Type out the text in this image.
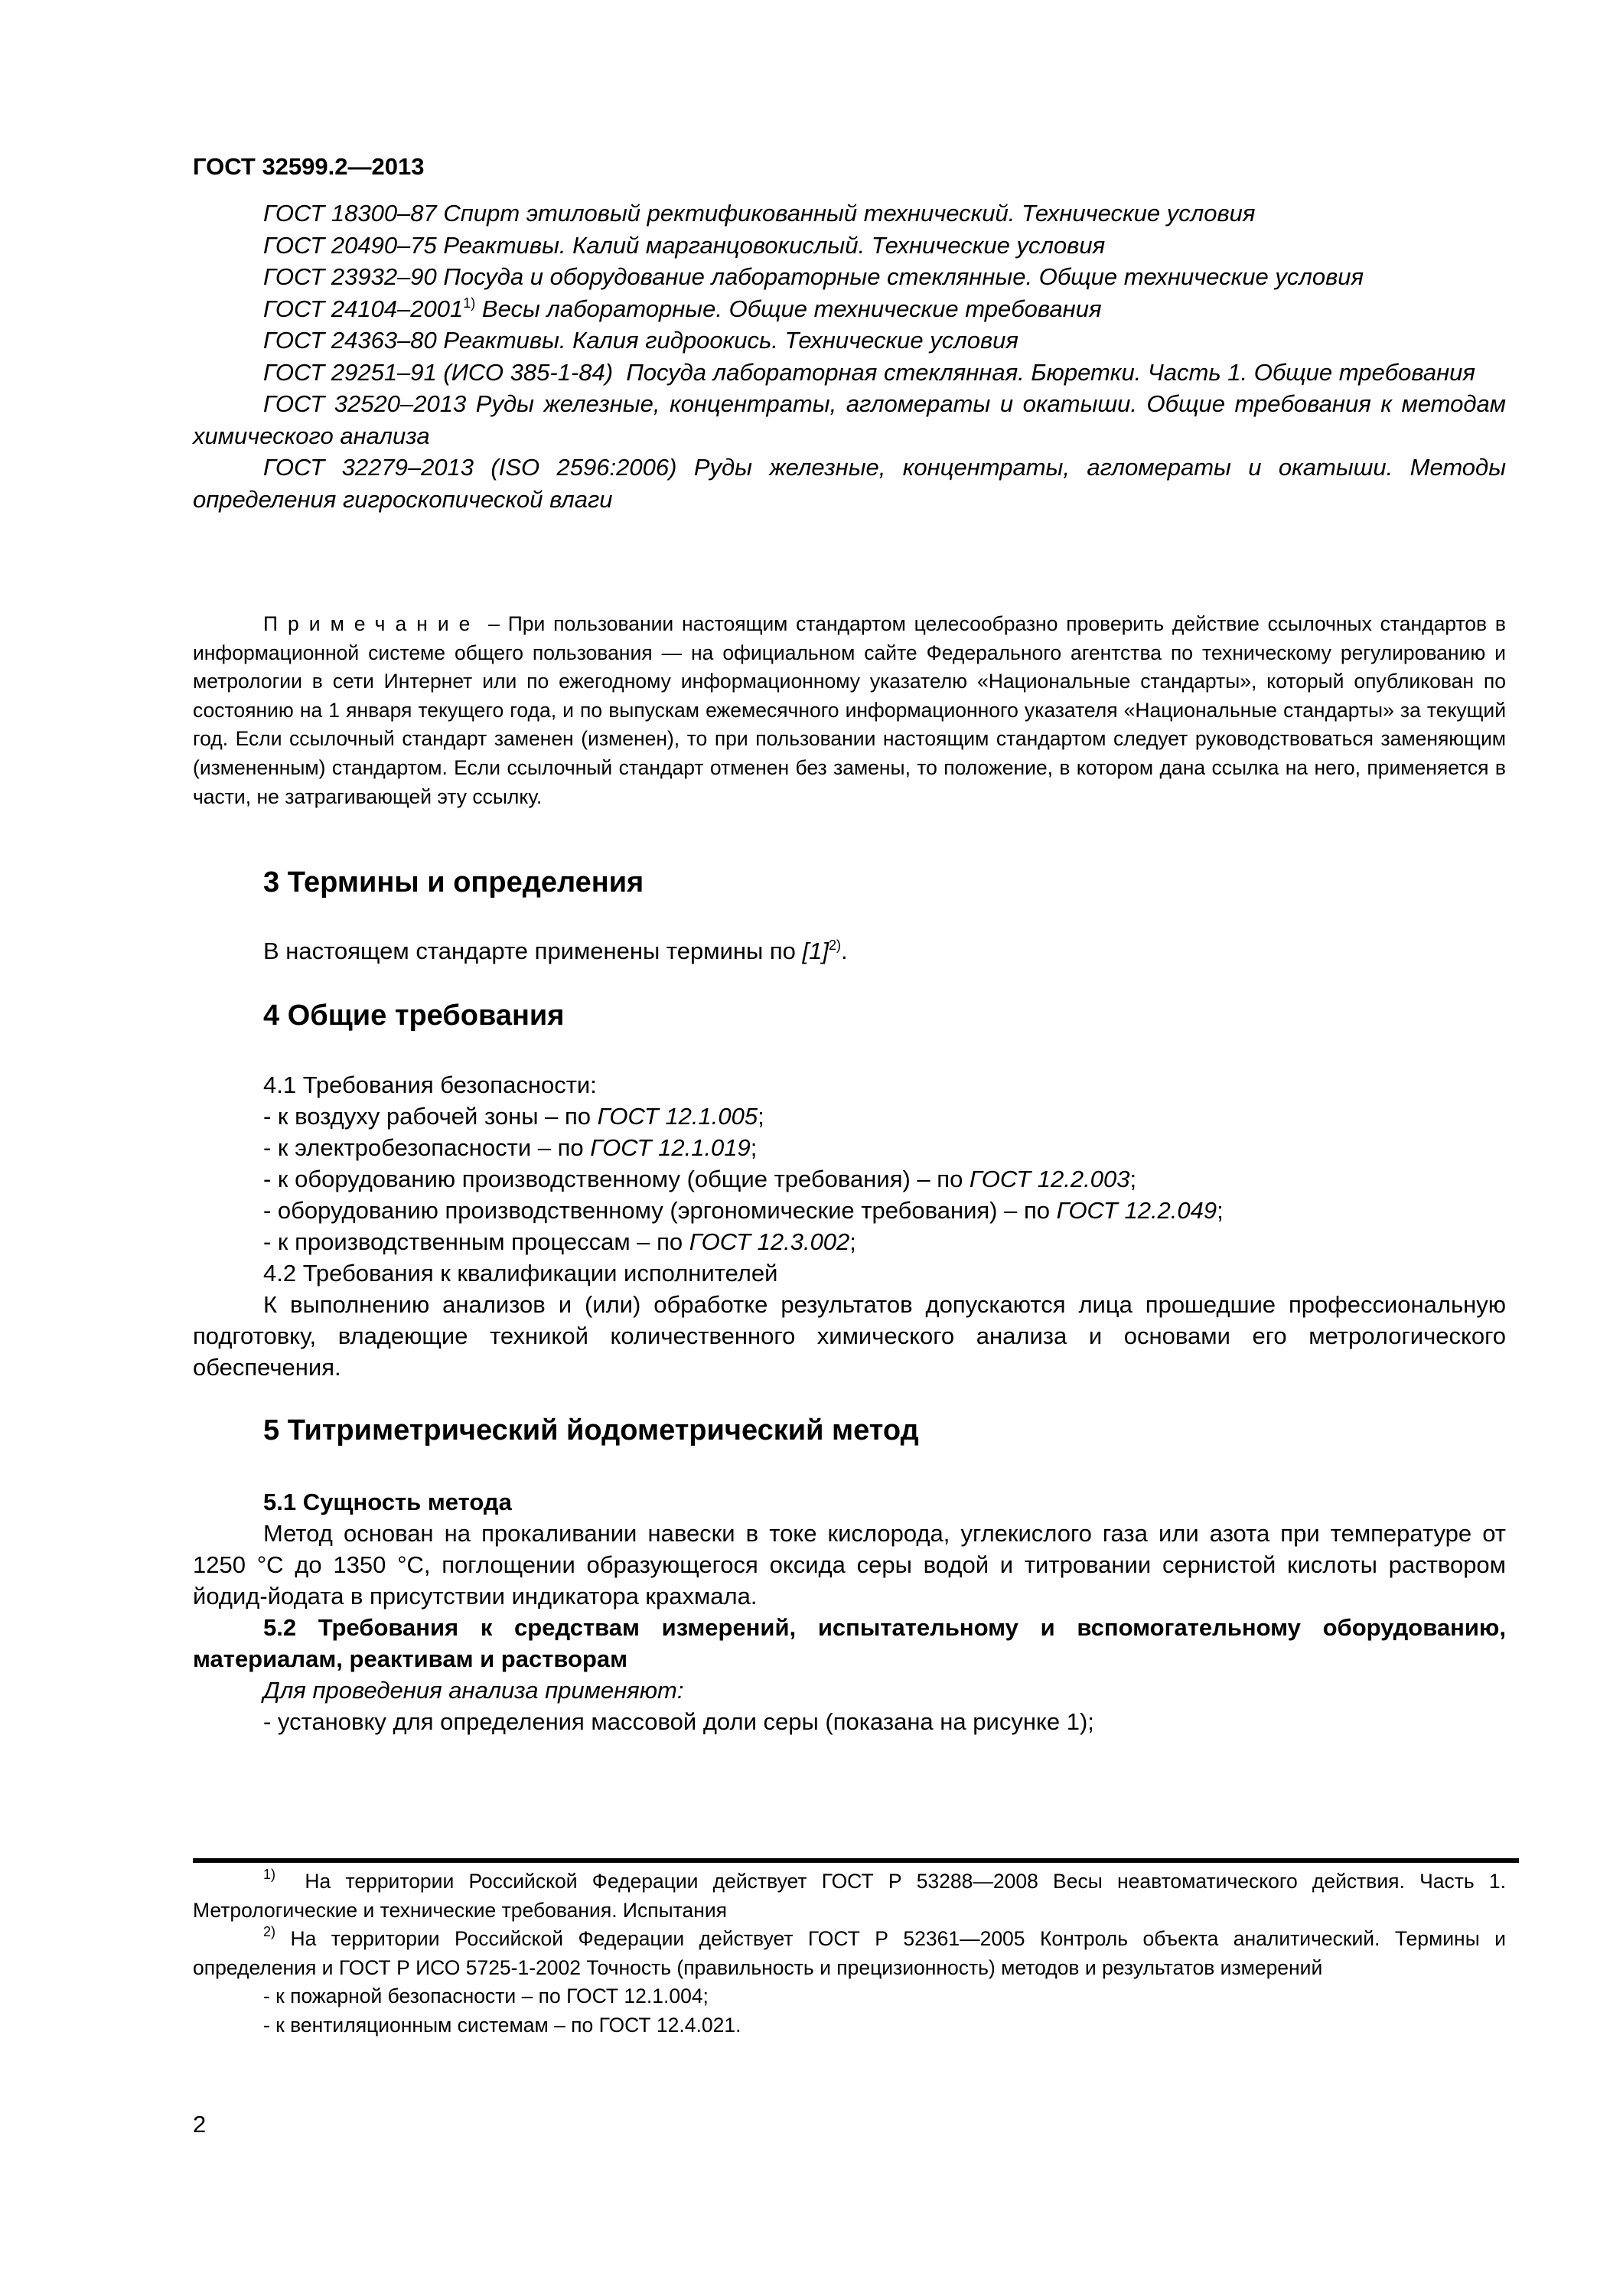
ГОСТ 32599.2—2013

ГОСТ 18300–87 Спирт этиловый ректификованный технический. Технические условия

ГОСТ 20490–75 Реактивы. Калий марганцовокислый. Технические условия

ГОСТ 23932–90 Посуда и оборудование лабораторные стеклянные. Общие технические условия

ГОСТ 24104–2001$^{1)}$ Весы лабораторные. Общие технические требования

ГОСТ 24363–80 Реактивы. Калия гидроокись. Технические условия

ГОСТ 29251–91 (ИСО 385-1-84) Посуда лабораторная стеклянная. Бюретки. Часть 1. Общие требования

ГОСТ 32520–2013 Руды железные, концентраты, агломераты и окатыши. Общие требования к методам химического анализа

ГОСТ 32279–2013 (ISO 2596:2006) Руды железные, концентраты, агломераты и окатыши. Методы определения гигроскопической влаги

Примечание – При пользовании настоящим стандартом целесообразно проверить действие ссылочных стандартов в информационной системе общего пользования — на официальном сайте Федерального агентства по техническому регулированию и метрологии в сети Интернет или по ежегодному информационному указателю «Национальные стандарты», который опубликован по состоянию на 1 января текущего года, и по выпускам ежемесячного информационного указателя «Национальные стандарты» за текущий год. Если ссылочный стандарт заменен (изменен), то при пользовании настоящим стандартом следует руководствоваться заменяющим (измененным) стандартом. Если ссылочный стандарт отменен без замены, то положение, в котором дана ссылка на него, применяется в части, не затрагивающей эту ссылку.

3 Термины и определения

В настоящем стандарте применены термины по $[1]^{2)}$.

4 Общие требования

4.1 Требования безопасности:

- к воздуху рабочей зоны – по ГОСТ 12.1.005;

- к электробезопасности – по ГОСТ 12.1.019;

- к оборудованию производственному (общие требования) – по ГОСТ 12.2.003;

- оборудованию производственному (эргономические требования) – по ГОСТ 12.2.049;

- к производственным процессам – по ГОСТ 12.3.002;

4.2 Требования к квалификации исполнителей

К выполнению анализов и (или) обработке результатов допускаются лица прошедшие профессиональную подготовку, владеющие техникой количественного химического анализа и основами его метрологического обеспечения.

5 Титриметрический йодометрический метод

5.1 Сущность метода

Метод основан на прокаливании навески в токе кислорода, углекислого газа или азота при температуре от 1250 °С до 1350 °С, поглощении образующегося оксида серы водой и титровании сернистой кислоты раствором йодид-йодата в присутствии индикатора крахмала.

5.2 Требования к средствам измерений, испытательному и вспомогательному оборудованию, материалам, реактивам и растворам

Для проведения анализа применяют:

- установку для определения массовой доли серы (показана на рисунке 1);

$^{1)}$ На территории Российской Федерации действует ГОСТ Р 53288—2008 Весы неавтоматического действия. Часть 1. Метрологические и технические требования. Испытания

$^{2)}$ На территории Российской Федерации действует ГОСТ Р 52361—2005 Контроль объекта аналитический. Термины и определения и ГОСТ Р ИСО 5725-1-2002 Точность (правильность и прецизионность) методов и результатов измерений

- к пожарной безопасности – по ГОСТ 12.1.004;

- к вентиляционным системам – по ГОСТ 12.4.021.

2
